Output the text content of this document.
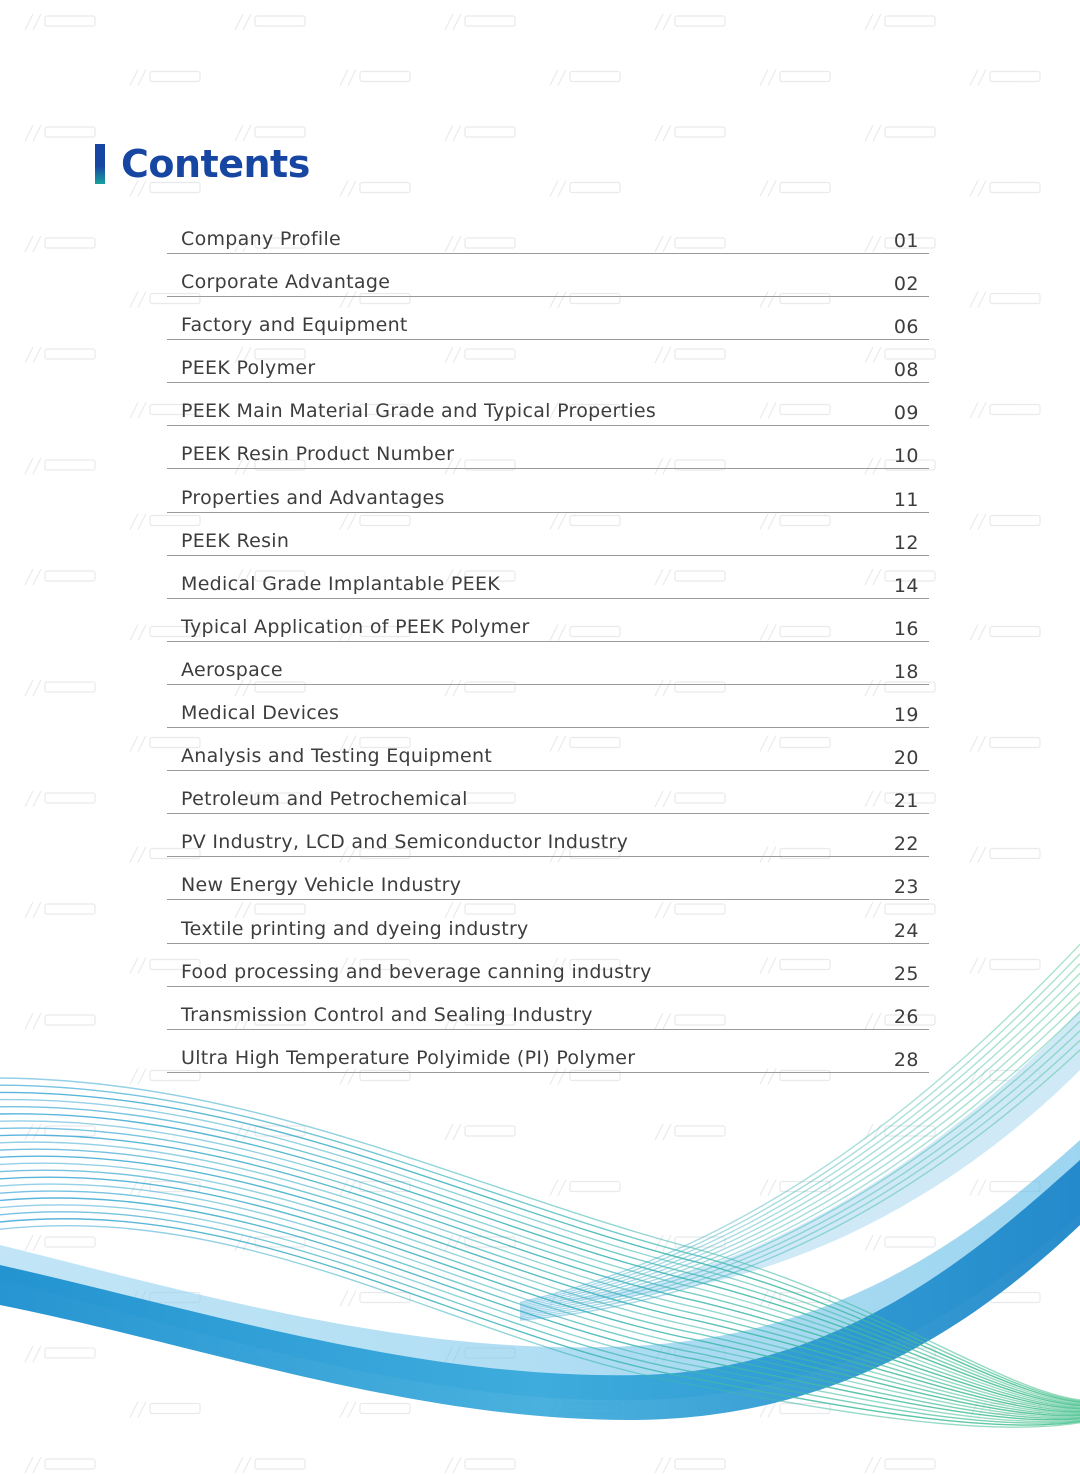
Contents
Company Profile	01
Corporate Advantage	02
Factory and Equipment	06
PEEK Polymer	08
PEEK Main Material Grade and Typical Properties	09
PEEK Resin Product Number	10
Properties and Advantages	11
PEEK Resin	12
Medical Grade Implantable PEEK	14
Typical Application of PEEK Polymer	16
Aerospace	18
Medical Devices	19
Analysis and Testing Equipment	20
Petroleum and Petrochemical	21
PV Industry, LCD and Semiconductor Industry	22
New Energy Vehicle Industry	23
Textile printing and dyeing industry	24
Food processing and beverage canning industry	25
Transmission Control and Sealing Industry	26
Ultra High Temperature Polyimide (PI) Polymer	28
